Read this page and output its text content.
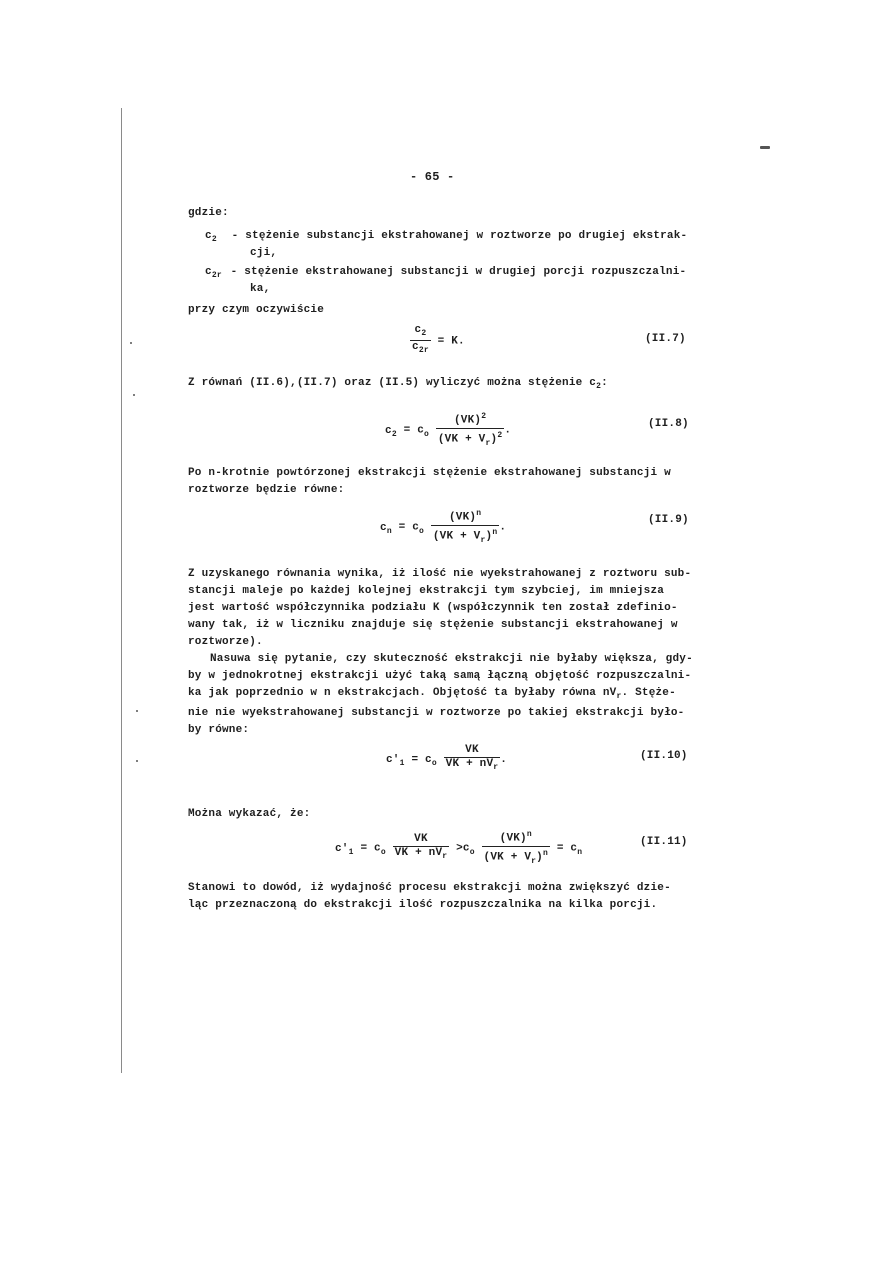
- 65 -
gdzie:
$c_2$ - stężenie substancji ekstrahowanej w roztworze po drugiej ekstrak-
cji,
$c_{2r}$ - stężenie ekstrahowanej substancji w drugiej porcji rozpuszczalni-
ka,
przy czym oczywiście
$\frac{c_2}{c_{2r}} = K$.	(II.7)
Z równań (II.6),(II.7) oraz (II.5) wyliczyć można stężenie $c_2$:
$c_2 = c_o \frac{(VK)^2}{(VK + V_r)^2}$ .
(II.8)
Po n-krotnie powtórzonej ekstrakcji stężenie ekstrahowanej substancji w
roztworze będzie równe:
$c_n = c_o \frac{(VK)^n}{(VK + V_r)^n}$ .
(II.9)
Z uzyskanego równania wynika, iż ilość nie wyekstrahowanej z roztworu sub-
stancji maleje po każdej kolejnej ekstrakcji tym szybciej, im mniejsza
jest wartość współczynnika podziału K (współczynnik ten został zdefinio-
wany tak, iż w liczniku znajduje się stężenie substancji ekstrahowanej w
roztworze).
Nasuwa się pytanie, czy skuteczność ekstrakcji nie byłaby większa, gdy-
by w jednokrotnej ekstrakcji użyć taką samą łączną objętość rozpuszczalni-
ka jak poprzednio w n ekstrakcjach. Objętość ta byłaby równa $nV_r$. Stęże-
nie nie wyekstrahowanej substancji w roztworze po takiej ekstrakcji było-
by równe:
$c'_1 = c_o \frac{VK}{VK + nV_r}$ .	(II.10)
Można wykazać, że:
$c'_1 = c_o \frac{VK}{VK + nV_r} >c_o \frac{(VK)^n}{(VK + V_r)^n} = c_n$
(II.11)
Stanowi to dowód, iż wydajność procesu ekstrakcji można zwiększyć dzie-
ląc przeznaczoną do ekstrakcji ilość rozpuszczalnika na kilka porcji.
